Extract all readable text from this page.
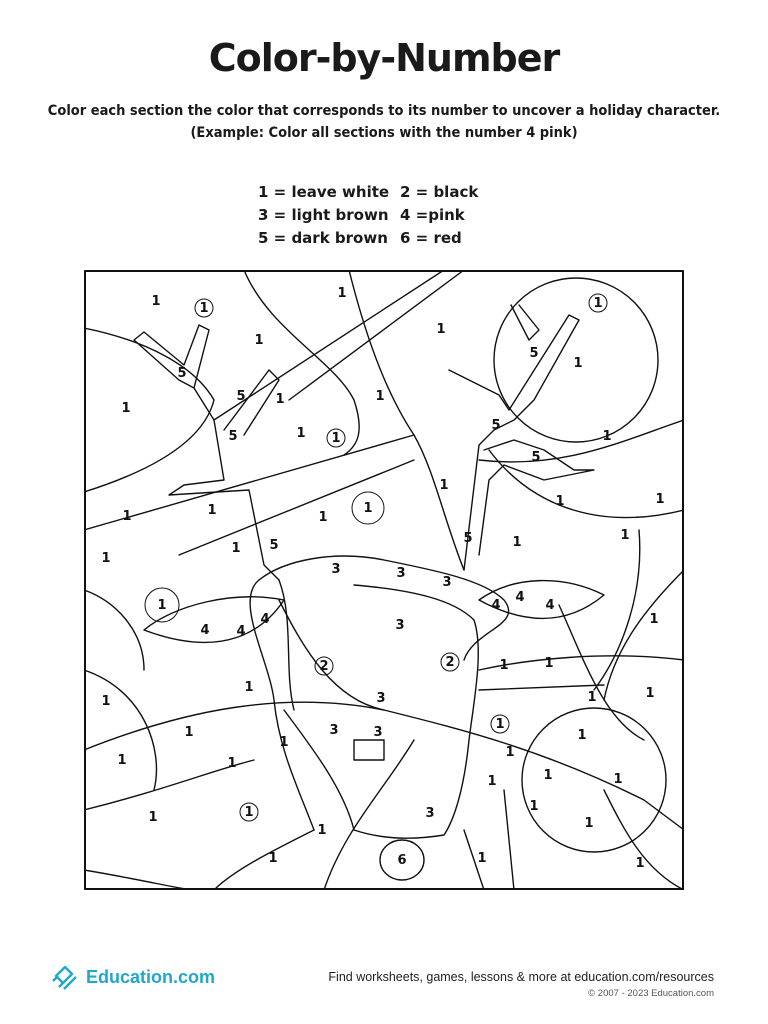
Color-by-Number
Color each section the color that corresponds to its number to uncover a holiday character.
(Example: Color all sections with the number 4 pink)
1 = leave white 2 = black
3 = light brown 4 =pink
5 = dark brown 6 = red
1	1
1
1
1
1
5
1
5 1
5
1
1
1
1
5
5
5
1
1	1	1
1
1
1	1
1
5
5
1
1
1
3	3
3
1
4 4
4
4
4
4
3	1
2	2	1	1
1
1
3	1	1
1	3	3
1
1	1
1	1
1
1	1	1
1	3	1
1
1
1
6
1	1	1
Education.com	Find worksheets, games, lessons & more at education.com/resources
© 2007 - 2023 Education.com
